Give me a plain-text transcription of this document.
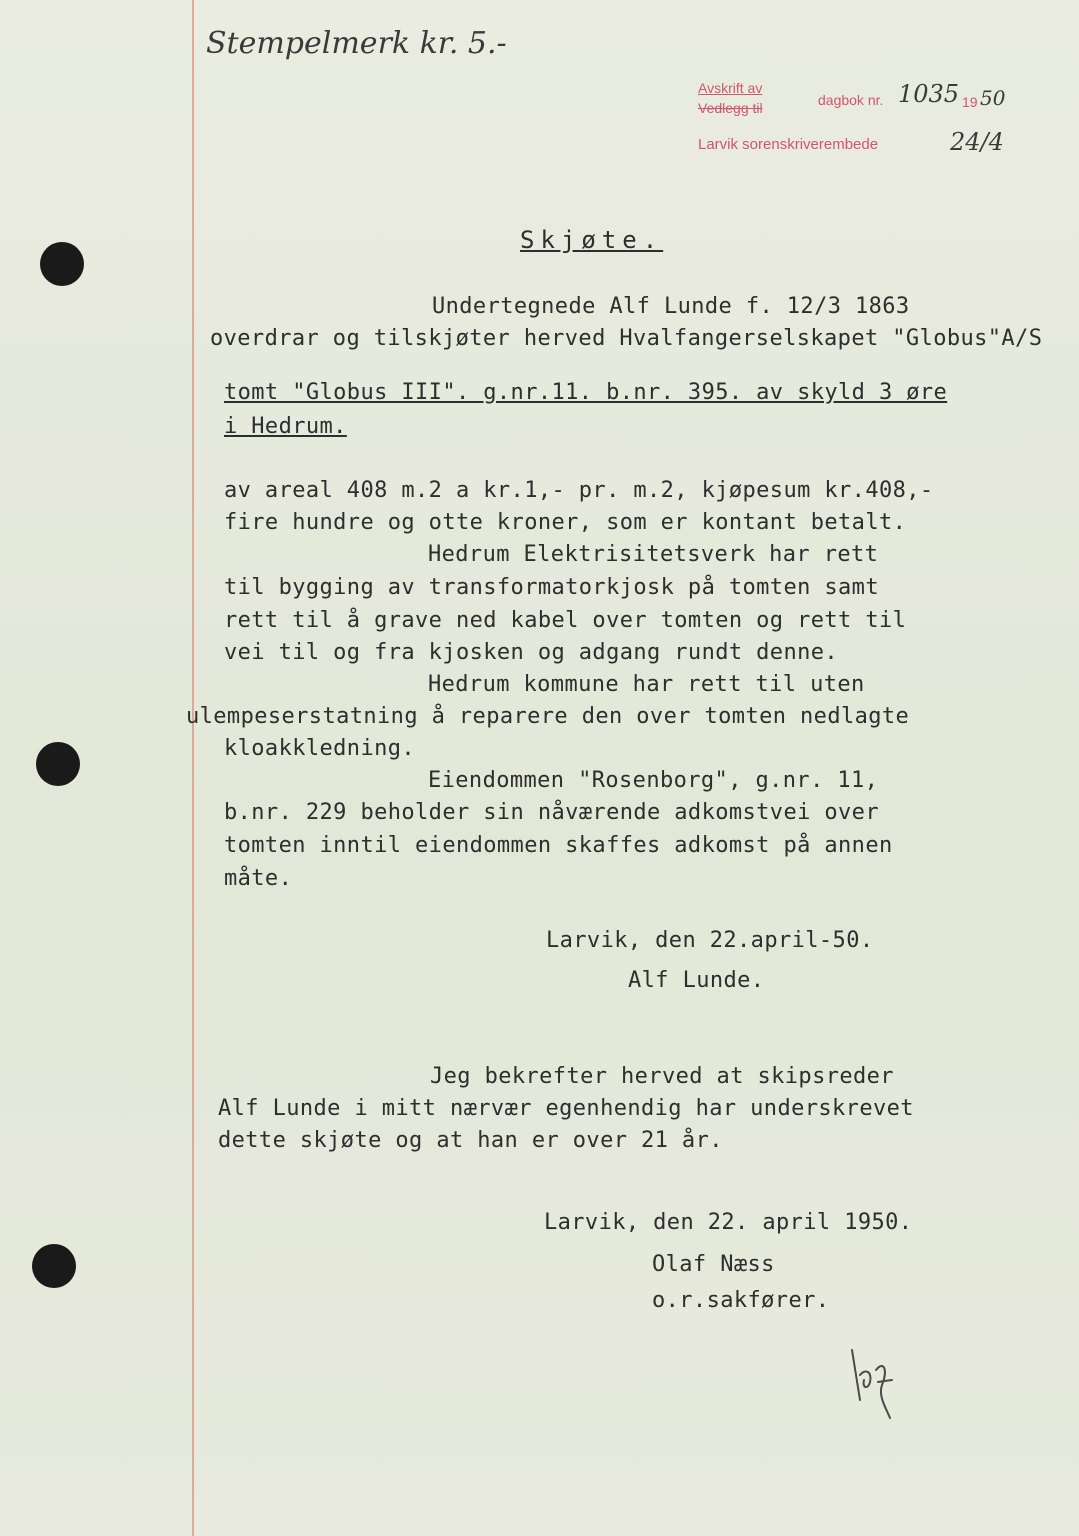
Stempelmerk kr. 5.-
Avskrift av
Vedlegg til	dagbok nr. 1035 19 50
Larvik sorenskriverembede	24/4
Skjøte.
Undertegnede Alf Lunde f. 12/3 1863
overdrar og tilskjøter herved Hvalfangerselskapet "Globus"A/S
tomt "Globus III". g.nr.11. b.nr. 395. av skyld 3 øre
i Hedrum.
av areal 408 m.2 a kr.1,- pr. m.2, kjøpesum kr.408,-
fire hundre og otte kroner, som er kontant betalt.
Hedrum Elektrisitetsverk har rett
til bygging av transformatorkjosk på tomten samt
rett til å grave ned kabel over tomten og rett til
vei til og fra kjosken og adgang rundt denne.
Hedrum kommune har rett til uten
ulempeserstatning å reparere den over tomten nedlagte
kloakkledning.
Eiendommen "Rosenborg", g.nr. 11,
b.nr. 229 beholder sin nåværende adkomstvei over
tomten inntil eiendommen skaffes adkomst på annen
måte.
Larvik, den 22.april-50.
Alf Lunde.
Jeg bekrefter herved at skipsreder
Alf Lunde i mitt nærvær egenhendig har underskrevet
dette skjøte og at han er over 21 år.
Larvik, den 22. april 1950.
Olaf Næss
o.r.sakfører.
